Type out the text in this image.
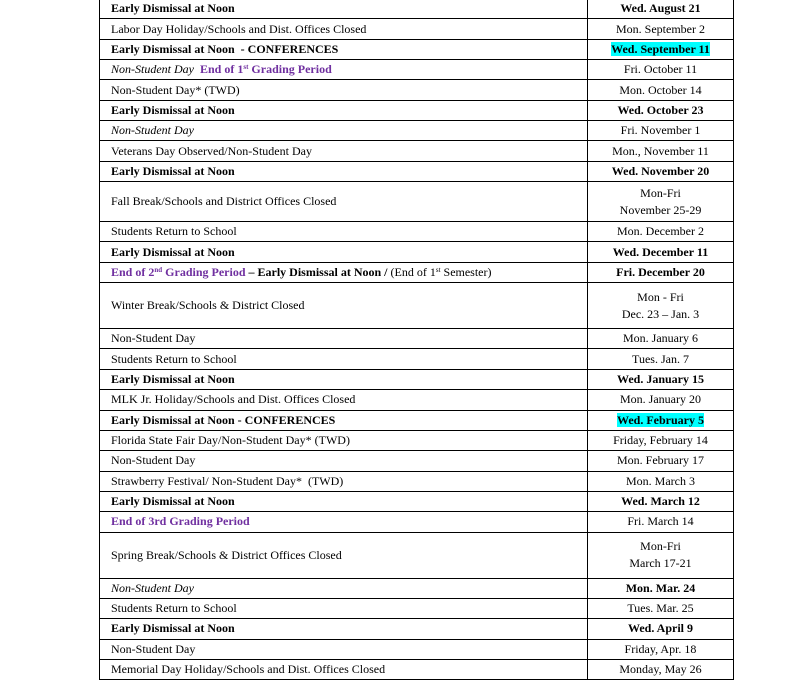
Early Dismissal at Noon	Wed. August 21
Labor Day Holiday/Schools and Dist. Offices Closed	Mon. September 2
Early Dismissal at Noon  - CONFERENCES	Wed. September 11
Non-Student Day End of 1st Grading Period	Fri. October 11
Non-Student Day* (TWD)	Mon. October 14
Early Dismissal at Noon	Wed. October 23
Non-Student Day	Fri. November 1
Veterans Day Observed/Non-Student Day	Mon., November 11
Early Dismissal at Noon	Wed. November 20
Fall Break/Schools and District Offices Closed	Mon-Fri
November 25-29
Students Return to School	Mon. December 2
Early Dismissal at Noon	Wed. December 11
End of 2nd Grading Period – Early Dismissal at Noon / (End of 1st Semester)	Fri. December 20
Winter Break/Schools & District Closed	Mon - Fri
Dec. 23 – Jan. 3
Non-Student Day	Mon. January 6
Students Return to School	Tues. Jan. 7
Early Dismissal at Noon	Wed. January 15
MLK Jr. Holiday/Schools and Dist. Offices Closed	Mon. January 20
Early Dismissal at Noon - CONFERENCES	Wed. February 5
Florida State Fair Day/Non-Student Day* (TWD)	Friday, February 14
Non-Student Day	Mon. February 17
Strawberry Festival/ Non-Student Day*  (TWD)	Mon. March 3
Early Dismissal at Noon	Wed. March 12
End of 3rd Grading Period	Fri. March 14
Spring Break/Schools & District Offices Closed	Mon-Fri
March 17-21
Non-Student Day	Mon. Mar. 24
Students Return to School	Tues. Mar. 25
Early Dismissal at Noon	Wed. April 9
Non-Student Day	Friday, Apr. 18
Memorial Day Holiday/Schools and Dist. Offices Closed	Monday, May 26
